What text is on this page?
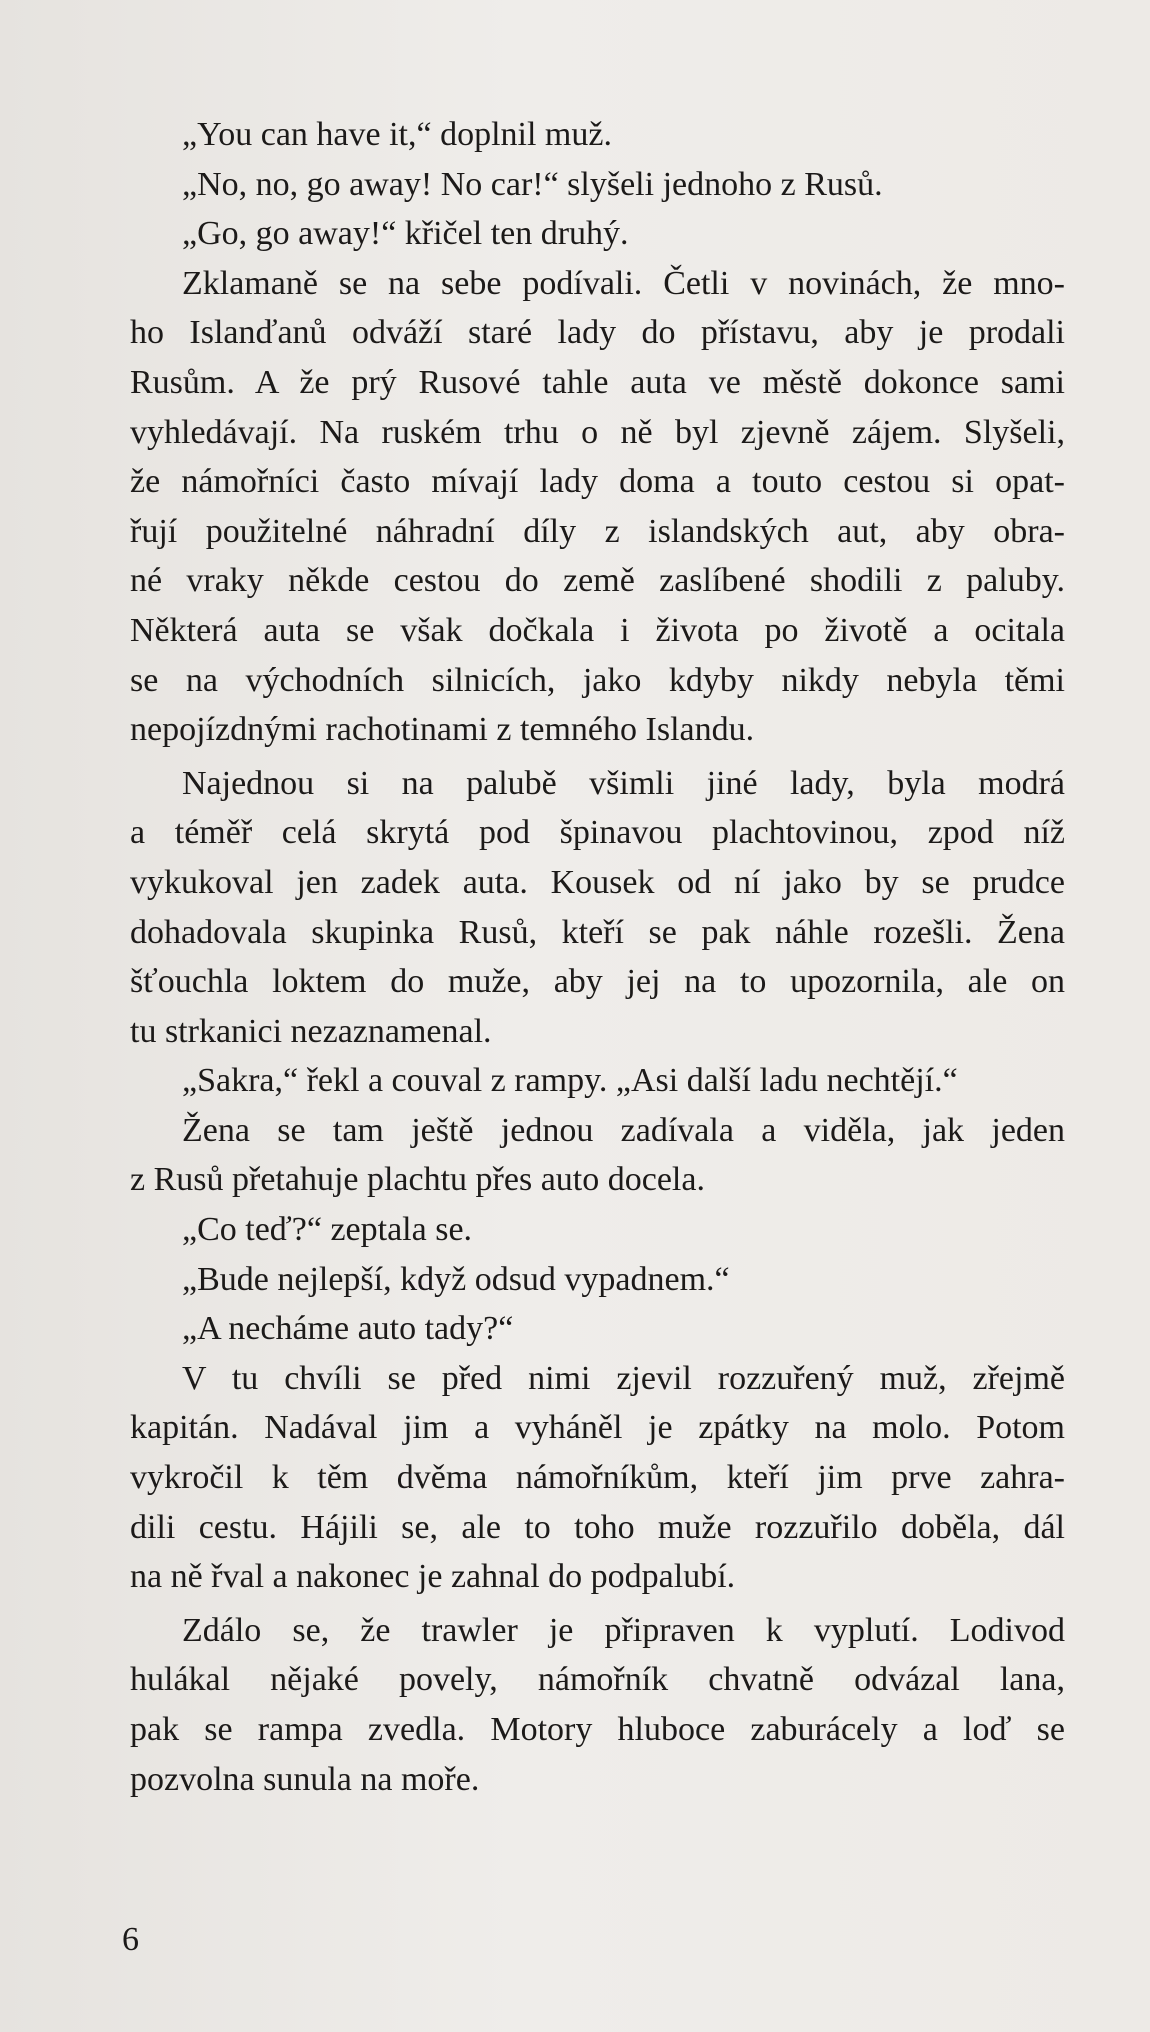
„You can have it,“ doplnil muž.

„No, no, go away! No car!“ slyšeli jednoho z Rusů.

„Go, go away!“ křičel ten druhý.

Zklamaně se na sebe podívali. Četli v novinách, že mno-
ho Islanďanů odváží staré lady do přístavu, aby je prodali
Rusům. A že prý Rusové tahle auta ve městě dokonce sami
vyhledávají. Na ruském trhu o ně byl zjevně zájem. Slyšeli,
že námořníci často mívají lady doma a touto cestou si opat-
řují použitelné náhradní díly z islandských aut, aby obra-
né vraky někde cestou do země zaslíbené shodili z paluby.
Některá auta se však dočkala i života po životě a ocitala
se na východních silnicích, jako kdyby nikdy nebyla těmi
nepojízdnými rachotinami z temného Islandu.

Najednou si na palubě všimli jiné lady, byla modrá
a téměř celá skrytá pod špinavou plachtovinou, zpod níž
vykukoval jen zadek auta. Kousek od ní jako by se prudce
dohadovala skupinka Rusů, kteří se pak náhle rozešli. Žena
šťouchla loktem do muže, aby jej na to upozornila, ale on
tu strkanici nezaznamenal.

„Sakra,“ řekl a couval z rampy. „Asi další ladu nechtějí.“

Žena se tam ještě jednou zadívala a viděla, jak jeden
z Rusů přetahuje plachtu přes auto docela.

„Co teď?“ zeptala se.

„Bude nejlepší, když odsud vypadnem.“

„A necháme auto tady?“

V tu chvíli se před nimi zjevil rozzuřený muž, zřejmě
kapitán. Nadával jim a vyháněl je zpátky na molo. Potom
vykročil k těm dvěma námořníkům, kteří jim prve zahra-
dili cestu. Hájili se, ale to toho muže rozzuřilo doběla, dál
na ně řval a nakonec je zahnal do podpalubí.

Zdálo se, že trawler je připraven k vyplutí. Lodivod
hulákal nějaké povely, námořník chvatně odvázal lana,
pak se rampa zvedla. Motory hluboce zaburácely a loď se
pozvolna sunula na moře.

6
